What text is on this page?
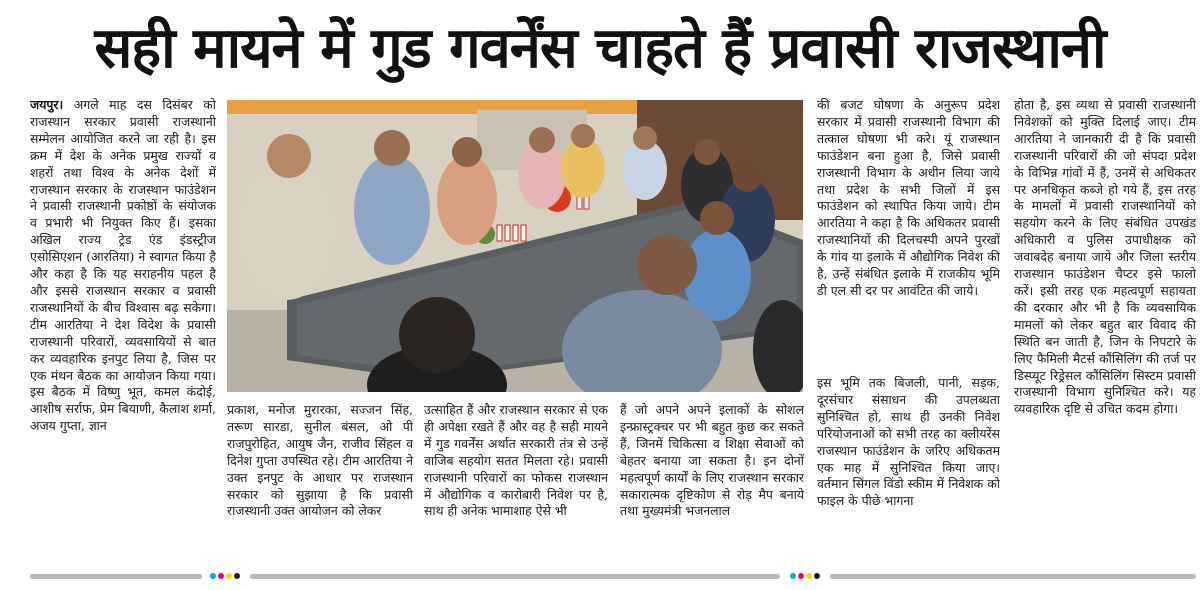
सही मायने में गुड गवर्नेंस चाहते हैं प्रवासी राजस्थानी

जयपुर। अगले माह दस दिसंबर को राजस्थान सरकार प्रवासी राजस्थानी सम्मेलन आयोजित करने जा रही है। इस क्रम में देश के अनेक प्रमुख राज्यों व शहरों तथा विश्व के अनेक देशों में राजस्थान सरकार के राजस्थान फाउंडेशन ने प्रवासी राजस्थानी प्रकोष्ठों के संयोजक व प्रभारी भी नियुक्त किए हैं। इसका अखिल राज्य ट्रेड एंड इंडस्ट्रीज एसोसिएशन (आरतिया) ने स्वागत किया है और कहा है कि यह सराहनीय पहल है और इससे राजस्थान सरकार व प्रवासी राजस्थानियों के बीच विश्वास बढ़ सकेगा। टीम आरतिया ने देश विदेश के प्रवासी राजस्थानी परिवारों, व्यवसायियों से बात कर व्यवहारिक इनपुट लिया है, जिस पर एक मंथन बैठक का आयोजन किया गया। इस बैठक में विष्णु भूत, कमल कंदोई, आशीष सर्राफ, प्रेम बियाणी, कैलाश शर्मा, अजय गुप्ता, ज्ञान

प्रकाश, मनोज मुरारका, सज्जन सिंह, तरूण सारडा, सुनील बंसल, ओ पी राजपुरोहित, आयुष जैन, राजीव सिंहल व दिनेश गुप्ता उपस्थित रहे। टीम आरतिया ने उक्त इनपुट के आधार पर राजस्थान सरकार को सुझाया है कि प्रवासी राजस्थानी उक्त आयोजन को लेकर

उत्साहित हैं और राजस्थान सरकार से एक ही अपेक्षा रखते हैं और वह है सही मायने में गुड गवर्नेंस अर्थात सरकारी तंत्र से उन्हें वाजिब सहयोग सतत मिलता रहे। प्रवासी राजस्थानी परिवारों का फोकस राजस्थान में औद्योगिक व कारोबारी निवेश पर है, साथ ही अनेक भामाशाह ऐसे भी

हैं जो अपने अपने इलाकों के सोशल इन्फ्रास्ट्रक्चर पर भी बहुत कुछ कर सकते हैं, जिनमें चिकित्सा व शिक्षा सेवाओं को बेहतर बनाया जा सकता है। इन दोनों महत्वपूर्ण कार्यों के लिए राजस्थान सरकार सकारात्मक दृष्टिकोण से रोड़ मैप बनाये तथा मुख्यमंत्री भजनलाल

की बजट घोषणा के अनुरूप प्रदेश सरकार में प्रवासी राजस्थानी विभाग की तत्काल घोषणा भी करे। यूं राजस्थान फाउंडेशन बना हुआ है, जिसे प्रवासी राजस्थानी विभाग के अधीन लिया जाये तथा प्रदेश के सभी जिलों में इस फाउंडेशन को स्थापित किया जाये। टीम आरतिया ने कहा है कि अधिकतर प्रवासी राजस्थानियों की दिलचस्पी अपने पुरखों के गांव या इलाके में औद्योगिक निवेश की है, उन्हें संबंधित इलाके में राजकीय भूमि डी एल सी दर पर आवंटित की जाये।

इस भूमि तक बिजली, पानी, सड़क, दूरसंचार संसाधन की उपलब्धता सुनिश्चित हो, साथ ही उनकी निवेश परियोजनाओं को सभी तरह का क्लीयरेंस राजस्थान फाउंडेशन के जरिए अधिकतम एक माह में सुनिश्चित किया जाए। वर्तमान सिंगल विंडो स्कीम में निवेशक को फाइल के पीछे भागना

होता है, इस व्यथा से प्रवासी राजस्थानी निवेशकों को मुक्ति दिलाई जाए। टीम आरतिया ने जानकारी दी है कि प्रवासी राजस्थानी परिवारों की जो संपदा प्रदेश के विभिन्न गांवों में हैं, उनमें से अधिकतर पर अनधिकृत कब्जे हो गये हैं, इस तरह के मामलों में प्रवासी राजस्थानियों को सहयोग करने के लिए संबंधित उपखंड अधिकारी व पुलिस उपाधीक्षक को जवाबदेह बनाया जाये और जिला स्तरीय राजस्थान फाउंडेशन चैप्टर इसे फालो करें। इसी तरह एक महत्वपूर्ण सहायता की दरकार और भी है कि व्यवसायिक मामलों को लेकर बहुत बार विवाद की स्थिति बन जाती है, जिन के निपटारे के लिए फैमिली मैटर्स कौंसिलिंग की तर्ज पर डिस्प्यूट रिड्रेसल कौंसिलिंग सिस्टम प्रवासी राजस्थानी विभाग सुनिश्चित करे। यह व्यवहारिक दृष्टि से उचित कदम होगा।
